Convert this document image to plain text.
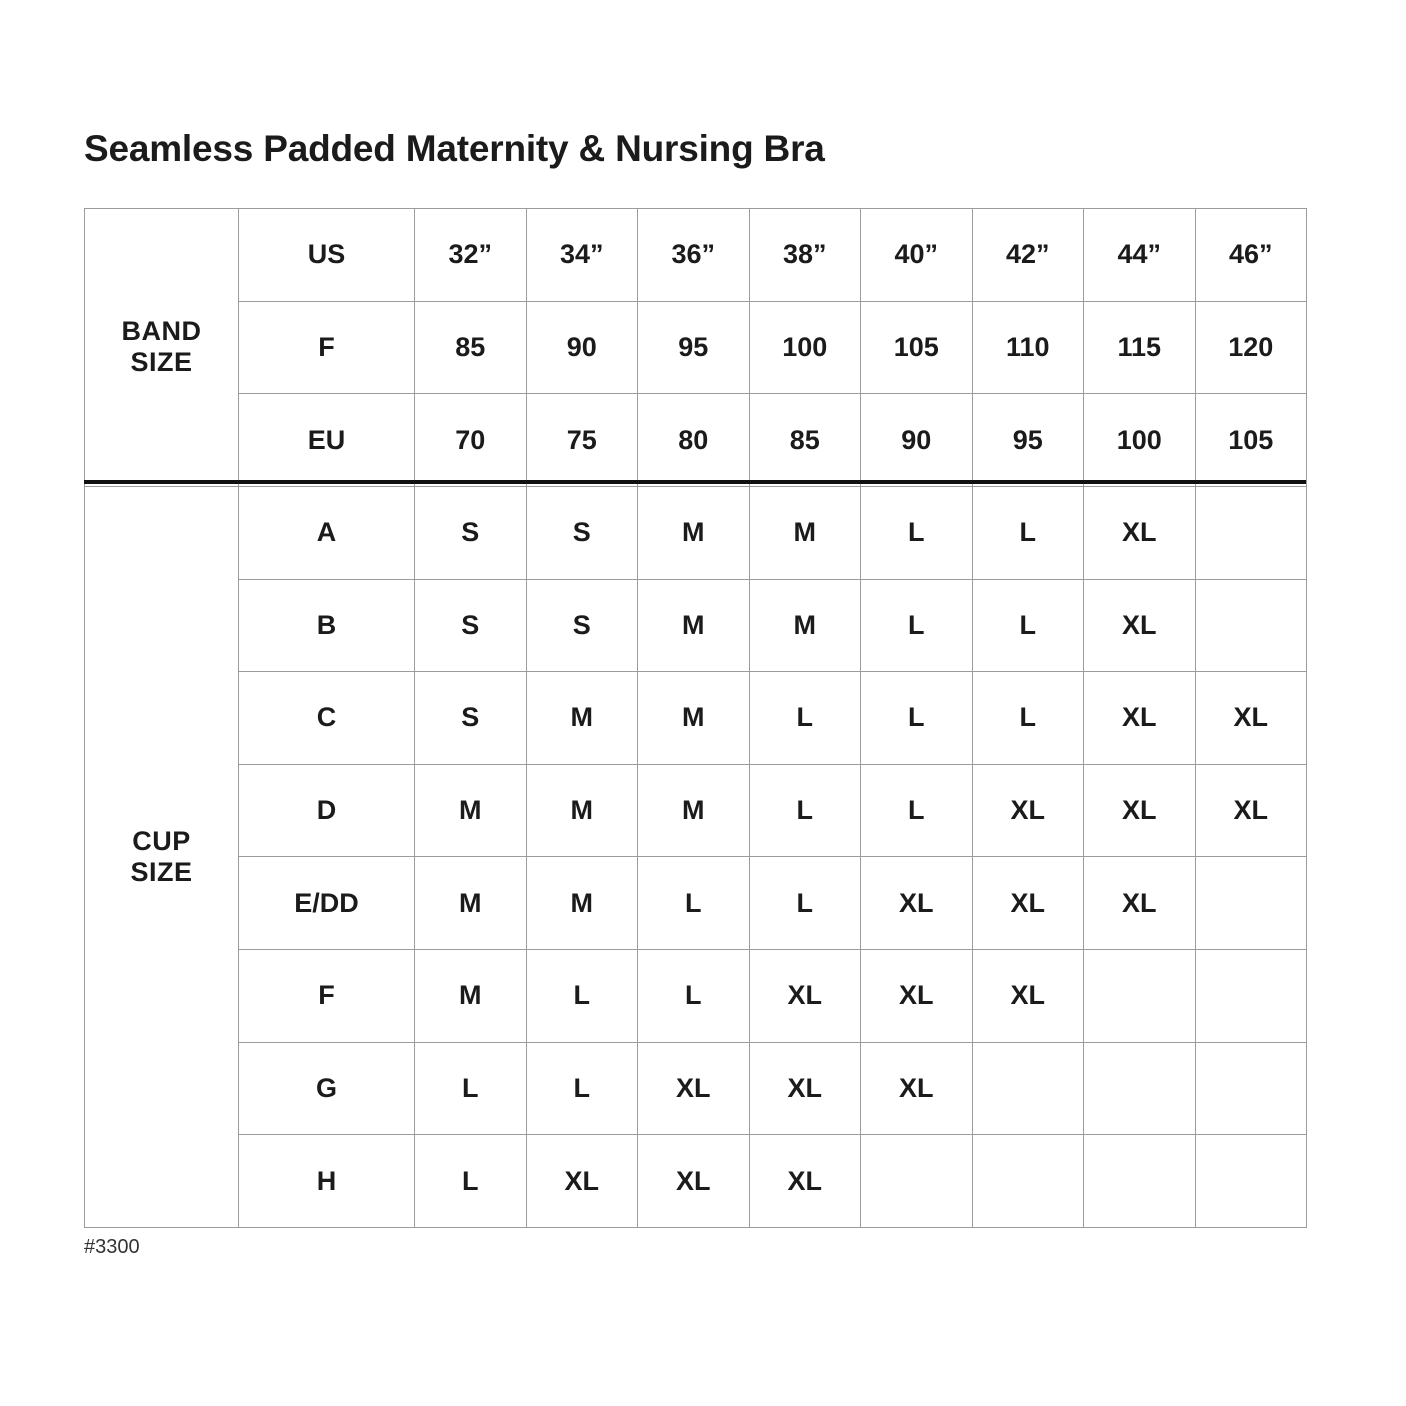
Seamless Padded Maternity & Nursing Bra
BAND
SIZE	US	32”	34”	36”	38”	40”	42”	44”	46”
	F	85	90	95	100	105	110	115	120
	EU	70	75	80	85	90	95	100	105
CUP
SIZE	A	S	S	M	M	L	L	XL	
	B	S	S	M	M	L	L	XL	
	C	S	M	M	L	L	L	XL	XL
	D	M	M	M	L	L	XL	XL	XL
	E/DD	M	M	L	L	XL	XL	XL	
	F	M	L	L	XL	XL	XL		
	G	L	L	XL	XL	XL			
	H	L	XL	XL	XL				
#3300
